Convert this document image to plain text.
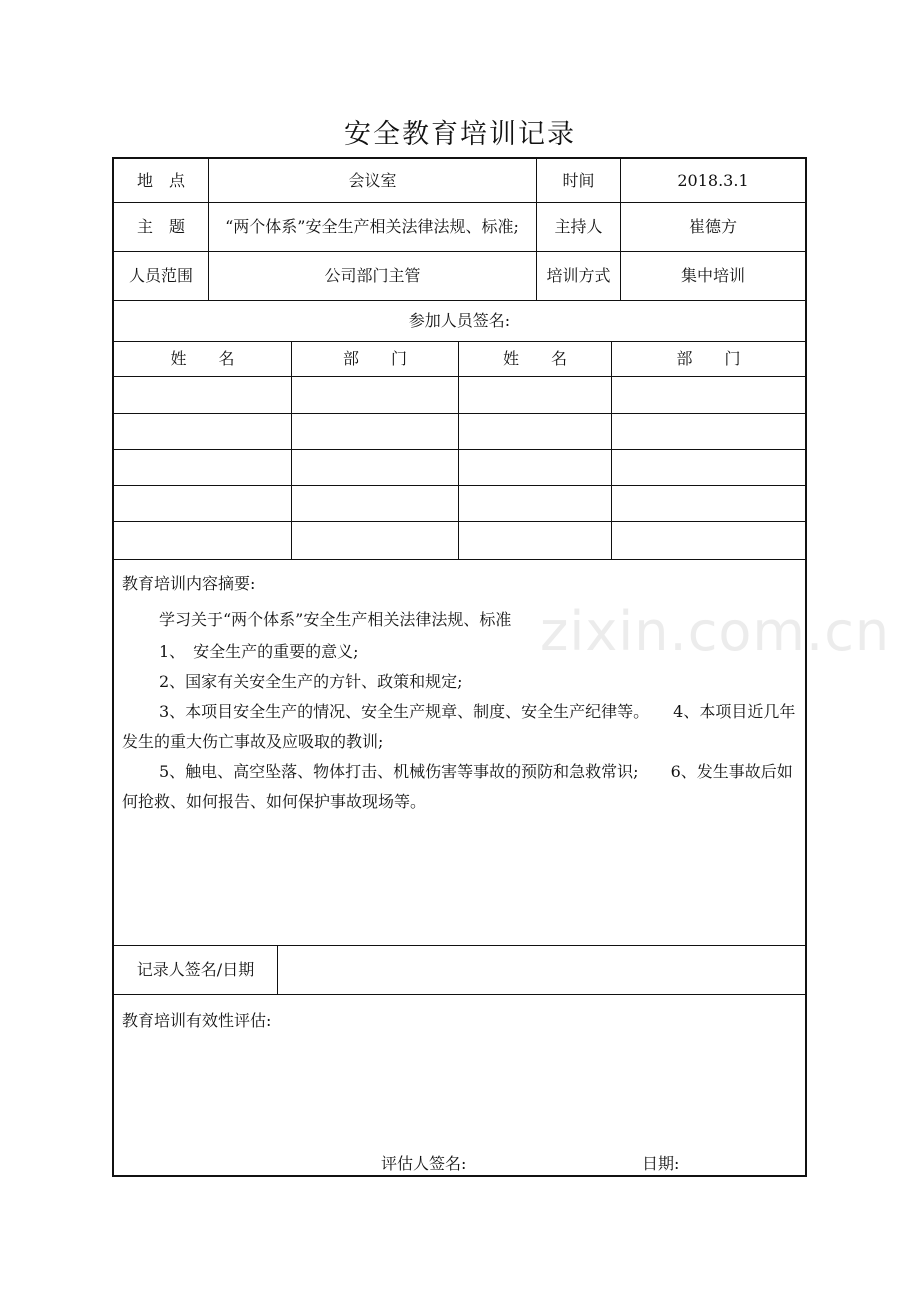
安全教育培训记录
地　点	会议室	时间	2018.3.1
主　题	“两个体系”安全生产相关法律法规、标准;	主持人	崔德方
人员范围	公司部门主管	培训方式	集中培训
参加人员签名:
姓　　名	部　　门	姓　　名	部　　门
zixin.com.cn
教育培训内容摘要:
学习关于“两个体系”安全生产相关法律法规、标准
1、　安全生产的重要的意义;
2、国家有关安全生产的方针、政策和规定;
3、本项目安全生产的情况、安全生产规章、制度、安全生产纪律等。　　4、本项目近几年发生的重大伤亡事故及应吸取的教训;
5、触电、高空坠落、物体打击、机械伤害等事故的预防和急救常识;　　6、发生事故后如何抢救、如何报告、如何保护事故现场等。
记录人签名/日期
教育培训有效性评估:
评估人签名:	日期:
